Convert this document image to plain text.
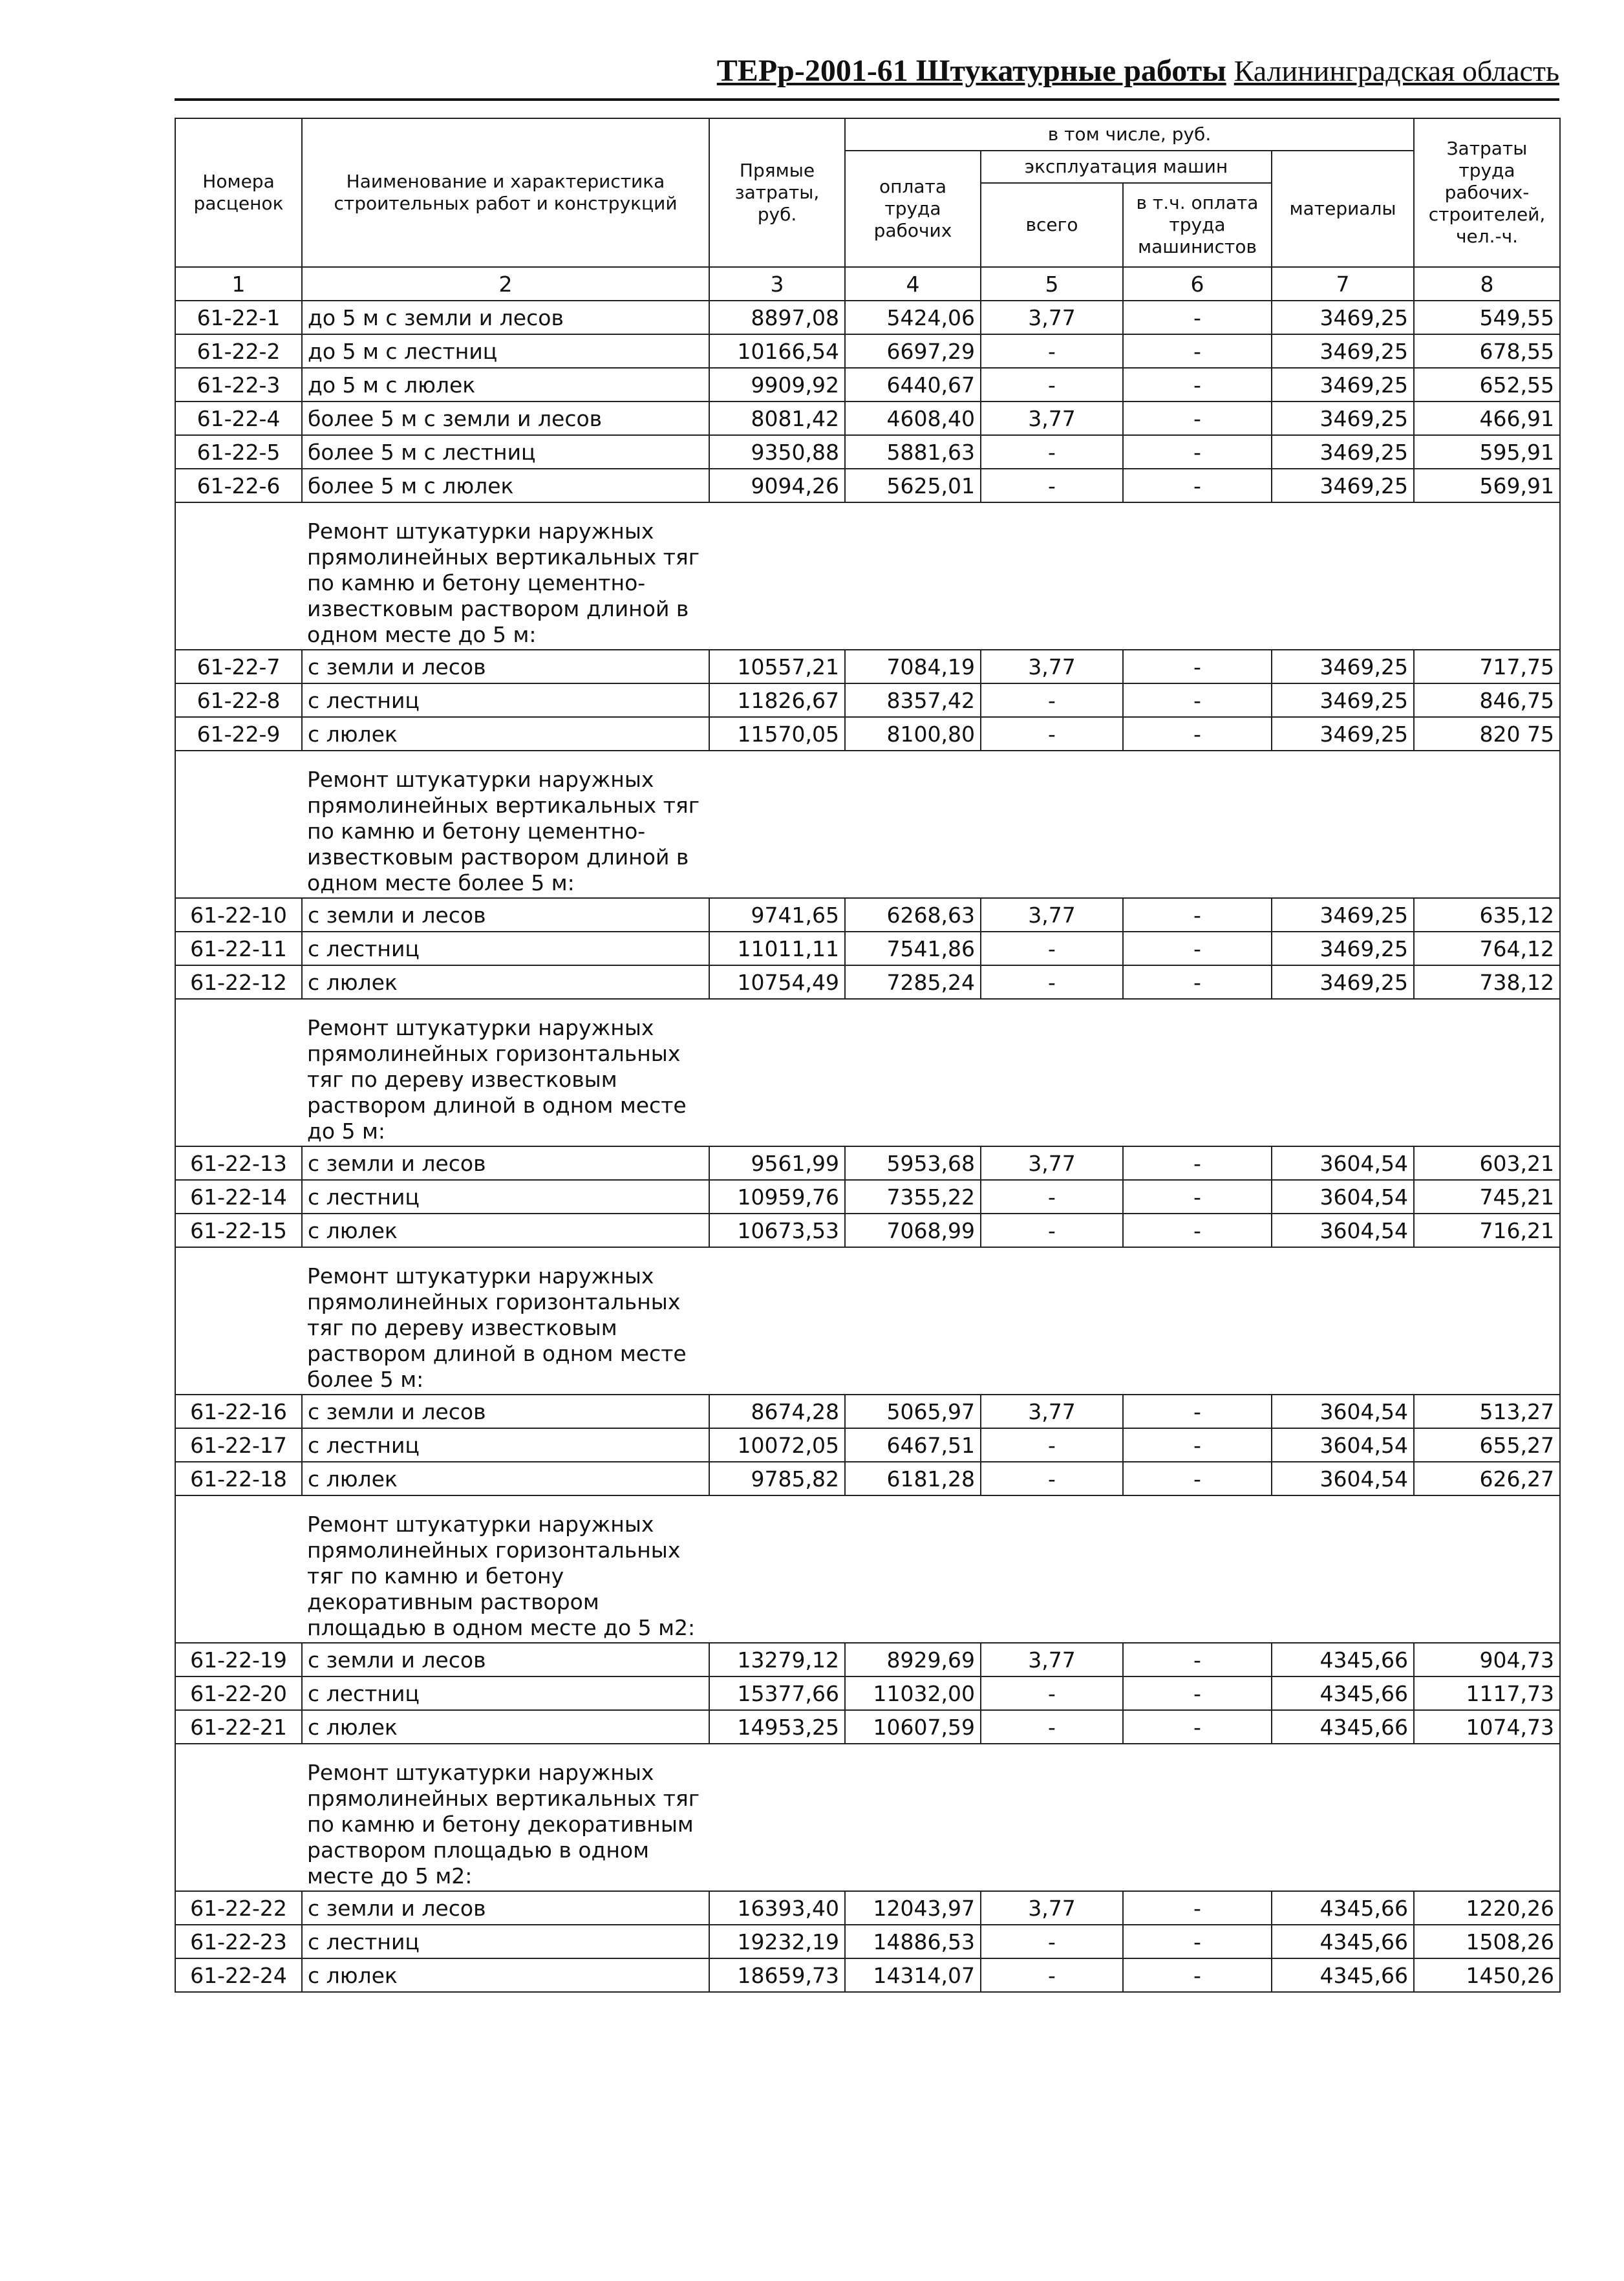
ТЕРр-2001-61 Штукатурные работы Калининградская область
Номера расценок	Наименование и характеристика строительных работ и конструкций	Прямые затраты, руб.	в том числе, руб.				Затраты труда рабочих-строителей, чел.-ч.
			оплата труда рабочих	эксплуатация машин		материалы	
				всего	в т.ч. оплата труда машинистов		
1	2	3	4	5	6	7	8
61-22-1	до 5 м с земли и лесов	8897,08	5424,06	3,77	-	3469,25	549,55
61-22-2	до 5 м с лестниц	10166,54	6697,29	-	-	3469,25	678,55
61-22-3	до 5 м с люлек	9909,92	6440,67	-	-	3469,25	652,55
61-22-4	более 5 м с земли и лесов	8081,42	4608,40	3,77	-	3469,25	466,91
61-22-5	более 5 м с лестниц	9350,88	5881,63	-	-	3469,25	595,91
61-22-6	более 5 м с люлек	9094,26	5625,01	-	-	3469,25	569,91
	Ремонт штукатурки наружных прямолинейных вертикальных тяг по камню и бетону цементно-известковым раствором длиной в одном месте до 5 м:						
61-22-7	с земли и лесов	10557,21	7084,19	3,77	-	3469,25	717,75
61-22-8	с лестниц	11826,67	8357,42	-	-	3469,25	846,75
61-22-9	с люлек	11570,05	8100,80	-	-	3469,25	820 75
	Ремонт штукатурки наружных прямолинейных вертикальных тяг по камню и бетону цементно-известковым раствором длиной в одном месте более 5 м:						
61-22-10	с земли и лесов	9741,65	6268,63	3,77	-	3469,25	635,12
61-22-11	с лестниц	11011,11	7541,86	-	-	3469,25	764,12
61-22-12	с люлек	10754,49	7285,24	-	-	3469,25	738,12
	Ремонт штукатурки наружных прямолинейных горизонтальных тяг по дереву известковым раствором длиной в одном месте до 5 м:						
61-22-13	с земли и лесов	9561,99	5953,68	3,77	-	3604,54	603,21
61-22-14	с лестниц	10959,76	7355,22	-	-	3604,54	745,21
61-22-15	с люлек	10673,53	7068,99	-	-	3604,54	716,21
	Ремонт штукатурки наружных прямолинейных горизонтальных тяг по дереву известковым раствором длиной в одном месте более 5 м:						
61-22-16	с земли и лесов	8674,28	5065,97	3,77	-	3604,54	513,27
61-22-17	с лестниц	10072,05	6467,51	-	-	3604,54	655,27
61-22-18	с люлек	9785,82	6181,28	-	-	3604,54	626,27
	Ремонт штукатурки наружных прямолинейных горизонтальных тяг по камню и бетону декоративным раствором площадью в одном месте до 5 м2:						
61-22-19	с земли и лесов	13279,12	8929,69	3,77	-	4345,66	904,73
61-22-20	с лестниц	15377,66	11032,00	-	-	4345,66	1117,73
61-22-21	с люлек	14953,25	10607,59	-	-	4345,66	1074,73
	Ремонт штукатурки наружных прямолинейных вертикальных тяг по камню и бетону декоративным раствором площадью в одном месте до 5 м2:						
61-22-22	с земли и лесов	16393,40	12043,97	3,77	-	4345,66	1220,26
61-22-23	с лестниц	19232,19	14886,53	-	-	4345,66	1508,26
61-22-24	с люлек	18659,73	14314,07	-	-	4345,66	1450,26
